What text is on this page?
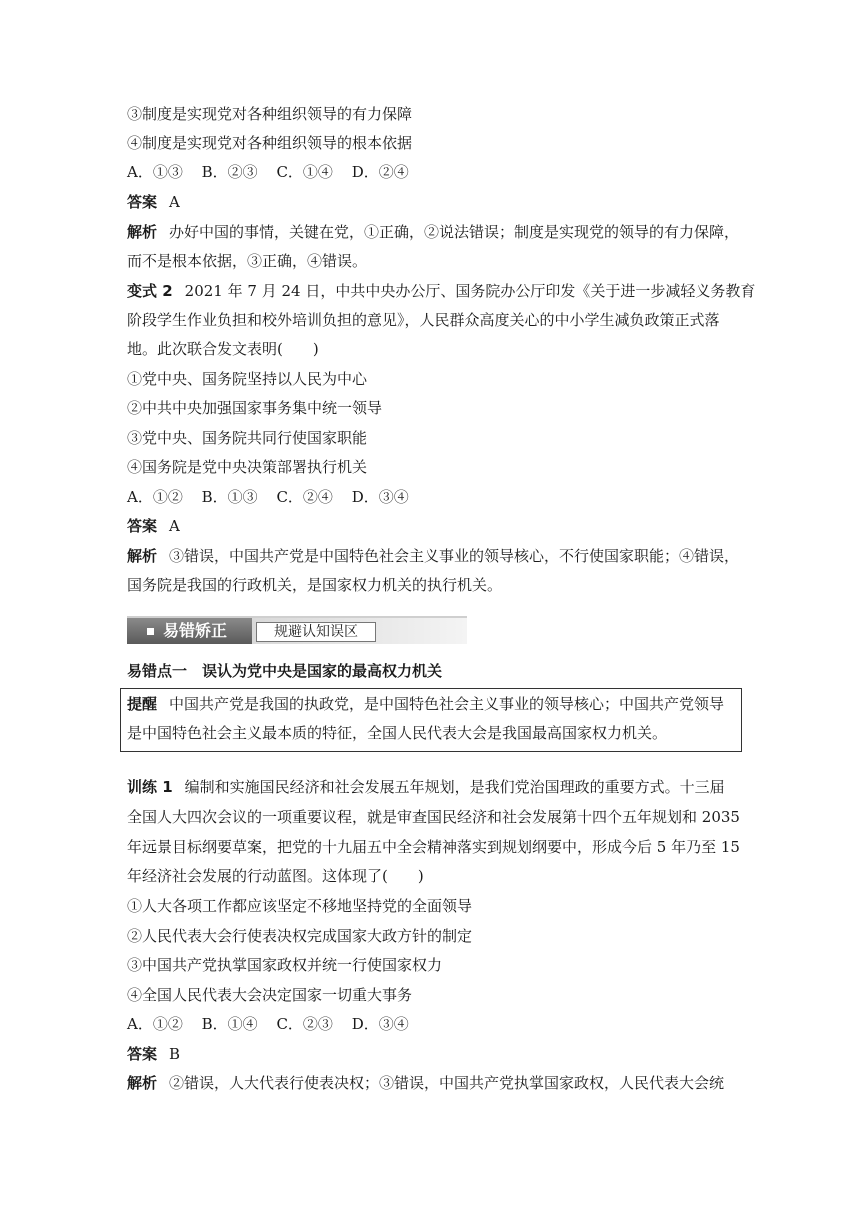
③制度是实现党对各种组织领导的有力保障
④制度是实现党对各种组织领导的根本依据
A．①③ B．②③ C．①④ D．②④
答案 A
解析 办好中国的事情，关键在党，①正确，②说法错误；制度是实现党的领导的有力保障，
而不是根本依据，③正确，④错误。
变式 2 2021 年 7 月 24 日，中共中央办公厅、国务院办公厅印发《关于进一步减轻义务教育
阶段学生作业负担和校外培训负担的意见》，人民群众高度关心的中小学生减负政策正式落
地。此次联合发文表明(　　)
①党中央、国务院坚持以人民为中心
②中共中央加强国家事务集中统一领导
③党中央、国务院共同行使国家职能
④国务院是党中央决策部署执行机关
A．①② B．①③ C．②④ D．③④
答案 A
解析 ③错误，中国共产党是中国特色社会主义事业的领导核心，不行使国家职能；④错误，
国务院是我国的行政机关，是国家权力机关的执行机关。
易错矫正	规避认知误区
易错点一　误认为党中央是国家的最高权力机关
提醒 中国共产党是我国的执政党，是中国特色社会主义事业的领导核心；中国共产党领导
是中国特色社会主义最本质的特征，全国人民代表大会是我国最高国家权力机关。
训练 1 编制和实施国民经济和社会发展五年规划，是我们党治国理政的重要方式。十三届
全国人大四次会议的一项重要议程，就是审查国民经济和社会发展第十四个五年规划和 2035
年远景目标纲要草案，把党的十九届五中全会精神落实到规划纲要中，形成今后 5 年乃至 15
年经济社会发展的行动蓝图。这体现了(　　)
①人大各项工作都应该坚定不移地坚持党的全面领导
②人民代表大会行使表决权完成国家大政方针的制定
③中国共产党执掌国家政权并统一行使国家权力
④全国人民代表大会决定国家一切重大事务
A．①② B．①④ C．②③ D．③④
答案 B
解析 ②错误，人大代表行使表决权；③错误，中国共产党执掌国家政权，人民代表大会统
